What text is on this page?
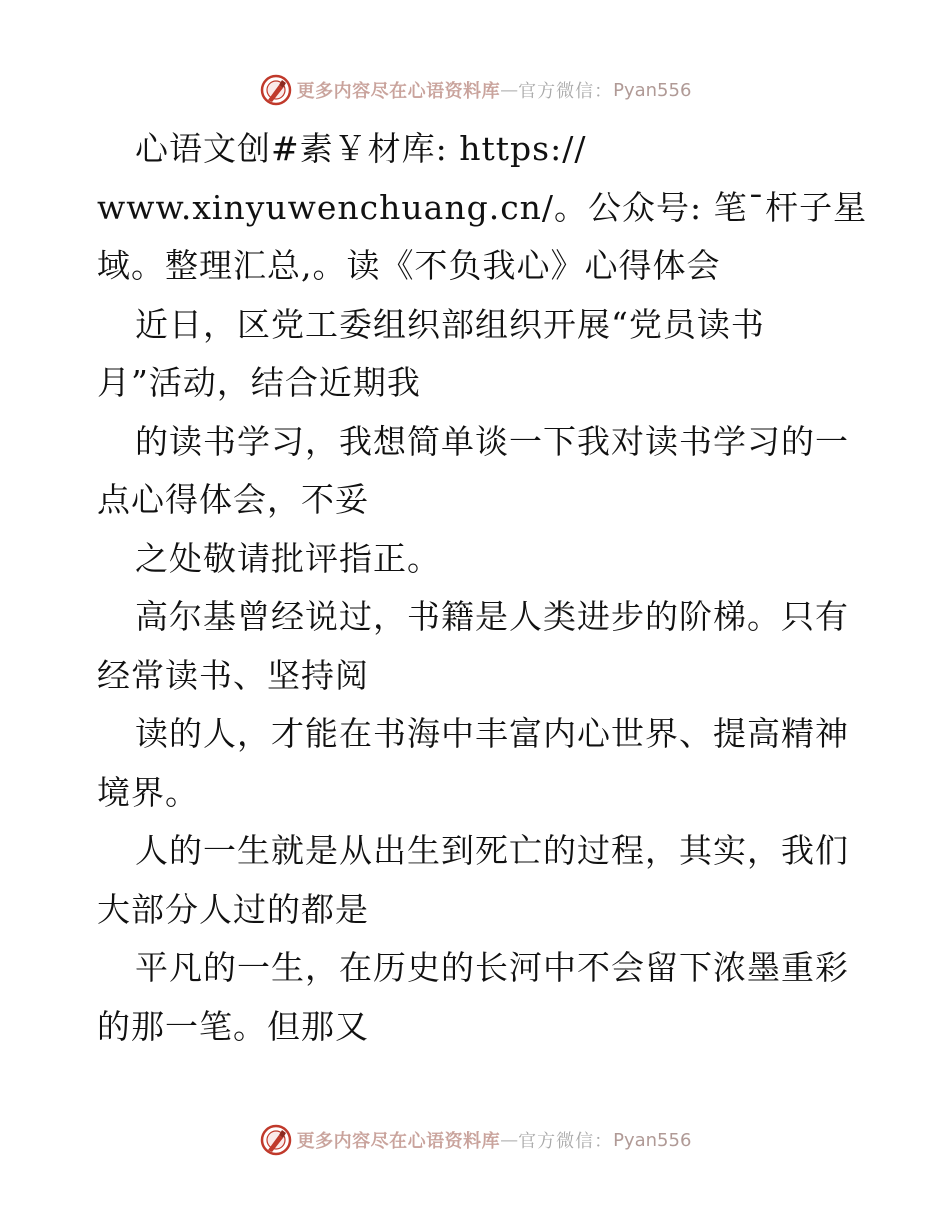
更多内容尽在心语资料库 — 官方微信： Pyan556
心语文创#素￥材库: https://
www.xinyuwenchuang.cn/。公众号: 笔¯杆子星
域。整理汇总,。读《不负我心》心得体会
近日，区党工委组织部组织开展“党员读书
月”活动，结合近期我
的读书学习，我想简单谈一下我对读书学习的一
点心得体会，不妥
之处敬请批评指正。
高尔基曾经说过，书籍是人类进步的阶梯。只有
经常读书、坚持阅
读的人，才能在书海中丰富内心世界、提高精神
境界。
人的一生就是从出生到死亡的过程，其实，我们
大部分人过的都是
平凡的一生，在历史的长河中不会留下浓墨重彩
的那一笔。但那又
更多内容尽在心语资料库 — 官方微信： Pyan556
